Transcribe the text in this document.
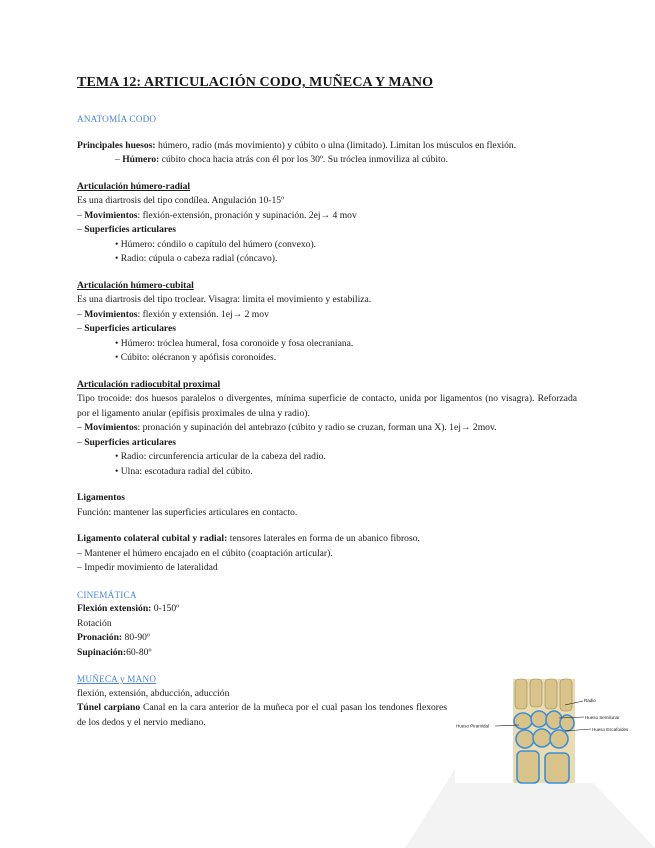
TEMA 12: ARTICULACIÓN CODO, MUÑECA Y MANO

ANATOMÍA CODO

Principales huesos: húmero, radio (más movimiento) y cúbito o ulna (limitado). Limitan los músculos en flexión.

– Húmero: cúbito choca hacia atrás con él por los 30º. Su tróclea inmoviliza al cúbito.

Articulación húmero-radial

Es una diartrosis del tipo condílea. Angulación 10-15º

– Movimientos: flexión-extensión, pronación y supinación. 2ej→ 4 mov

– Superficies articulares

• Húmero: cóndilo o capítulo del húmero (convexo).

• Radio: cúpula o cabeza radial (cóncavo).

Articulación húmero-cubital

Es una diartrosis del tipo troclear. Visagra: limita el movimiento y estabiliza.

– Movimientos: flexión y extensión. 1ej→ 2 mov

– Superficies articulares

• Húmero: tróclea humeral, fosa coronoide y fosa olecraniana.

• Cúbito: olécranon y apófisis coronoides.

Articulación radiocubital proximal

Tipo trocoide: dos huesos paralelos o divergentes, mínima superficie de contacto, unida por ligamentos (no visagra). Reforzada por el ligamento anular (epífisis proximales de ulna y radio).

– Movimientos: pronación y supinación del antebrazo (cúbito y radio se cruzan, forman una X). 1ej→ 2mov.

– Superficies articulares

• Radio: circunferencia articular de la cabeza del radio.

• Ulna: escotadura radial del cúbito.

Ligamentos

Función: mantener las superficies articulares en contacto.

Ligamento colateral cubital y radial: tensores laterales en forma de un abanico fibroso.

– Mantener el húmero encajado en el cúbito (coaptación articular).

– Impedir movimiento de lateralidad

CINEMÁTICA

Flexión extensión: 0-150º

Rotación

Pronación: 80-90º

Supinación:60-80º

MUÑECA y MANO

flexión, extensión, abducción, aducción

Túnel carpiano Canal en la cara anterior de la muñeca por el cual pasan los tendones flexores de los dedos y el nervio mediano.

Radio
Hueso Semilunar
Hueso Escafoides
Hueso Piramidal
